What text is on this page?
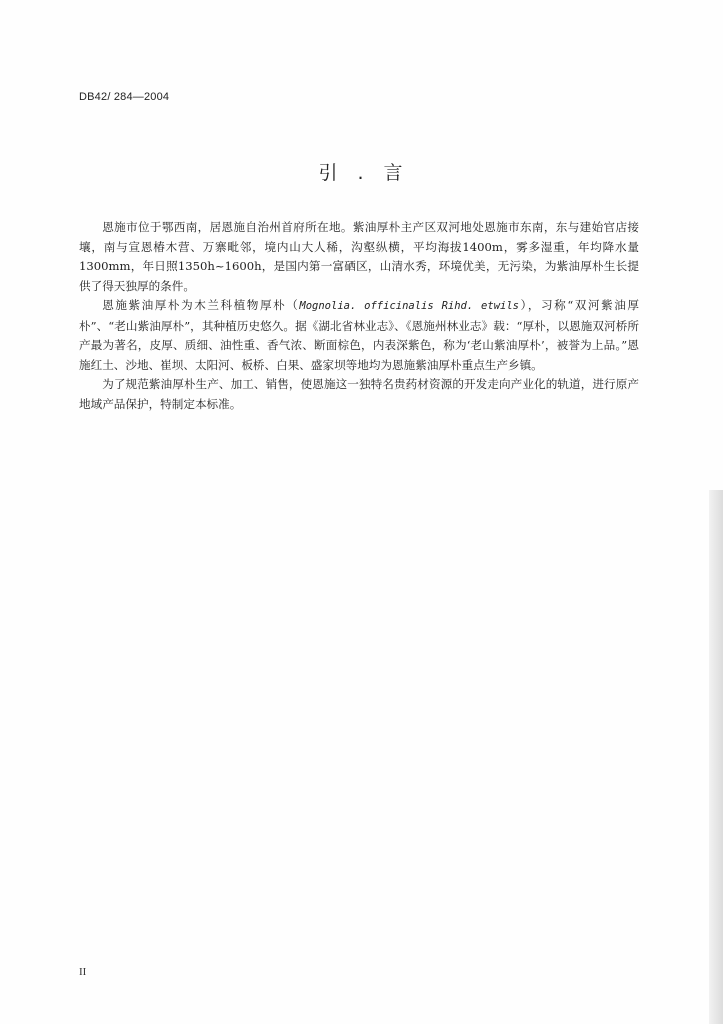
DB42/ 284—2004
引 . 言

恩施市位于鄂西南，居恩施自治州首府所在地。紫油厚朴主产区双河地处恩施市东南，东与建始官店接壤，南与宣恩椿木营、万寨毗邻，境内山大人稀，沟壑纵横，平均海拔1400m，雾多湿重，年均降水量1300mm，年日照1350h~1600h，是国内第一富硒区，山清水秀，环境优美，无污染，为紫油厚朴生长提供了得天独厚的条件。

恩施紫油厚朴为木兰科植物厚朴（Mognolia. officinalis Rihd. etwils），习称“双河紫油厚朴”、“老山紫油厚朴”，其种植历史悠久。据《湖北省林业志》、《恩施州林业志》载：“厚朴，以恩施双河桥所产最为著名，皮厚、质细、油性重、香气浓、断面棕色，内表深紫色，称为‘老山紫油厚朴’，被誉为上品。”恩施红土、沙地、崔坝、太阳河、板桥、白果、盛家坝等地均为恩施紫油厚朴重点生产乡镇。

为了规范紫油厚朴生产、加工、销售，使恩施这一独特名贵药材资源的开发走向产业化的轨道，进行原产地域产品保护，特制定本标准。

II
